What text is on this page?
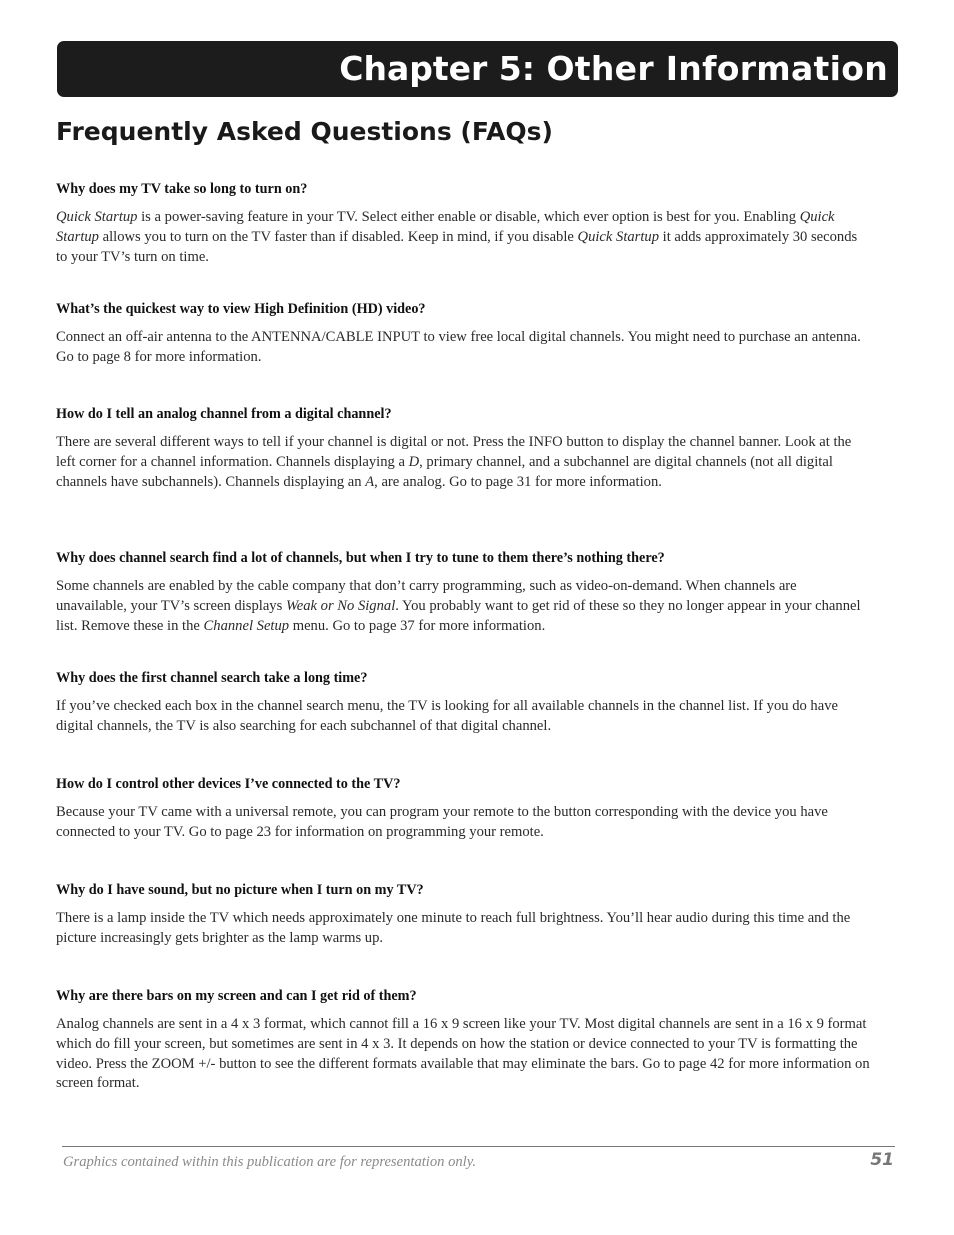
Chapter 5: Other Information
Frequently Asked Questions (FAQs)

Why does my TV take so long to turn on?

Quick Startup is a power-saving feature in your TV. Select either enable or disable, which ever option is best for you. Enabling Quick Startup allows you to turn on the TV faster than if disabled. Keep in mind, if you disable Quick Startup it adds approximately 30 seconds to your TV’s turn on time.

What’s the quickest way to view High Definition (HD) video?

Connect an off-air antenna to the ANTENNA/CABLE INPUT to view free local digital channels. You might need to purchase an antenna. Go to page 8 for more information.

How do I tell an analog channel from a digital channel?

There are several different ways to tell if your channel is digital or not. Press the INFO button to display the channel banner. Look at the left corner for a channel information. Channels displaying a D, primary channel, and a subchannel are digital channels (not all digital channels have subchannels). Channels displaying an A, are analog. Go to page 31 for more information.

Why does channel search find a lot of channels, but when I try to tune to them there’s nothing there?

Some channels are enabled by the cable company that don’t carry programming, such as video-on-demand. When channels are unavailable, your TV’s screen displays Weak or No Signal. You probably want to get rid of these so they no longer appear in your channel list. Remove these in the Channel Setup menu. Go to page 37 for more information.

Why does the first channel search take a long time?

If you’ve checked each box in the channel search menu, the TV is looking for all available channels in the channel list. If you do have digital channels, the TV is also searching for each subchannel of that digital channel.

How do I control other devices I’ve connected to the TV?

Because your TV came with a universal remote, you can program your remote to the button corresponding with the device you have connected to your TV. Go to page 23 for information on programming your remote.

Why do I have sound, but no picture when I turn on my TV?

There is a lamp inside the TV which needs approximately one minute to reach full brightness. You’ll hear audio during this time and the picture increasingly gets brighter as the lamp warms up.

Why are there bars on my screen and can I get rid of them?

Analog channels are sent in a 4 x 3 format, which cannot fill a 16 x 9 screen like your TV. Most digital channels are sent in a 16 x 9 format which do fill your screen, but sometimes are sent in 4 x 3. It depends on how the station or device connected to your TV is formatting the video. Press the ZOOM +/- button to see the different formats available that may eliminate the bars. Go to page 42 for more information on screen format.

Graphics contained within this publication are for representation only.	51
